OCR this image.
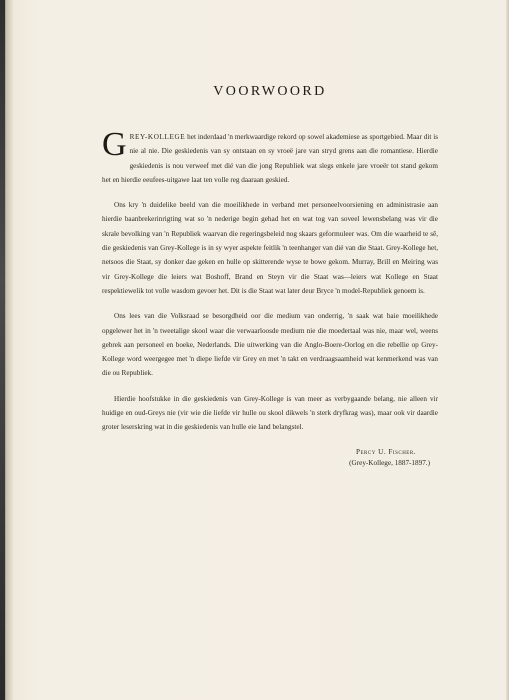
VOORWOORD

GREY-KOLLEGE het inderdaad 'n merkwaardige rekord op sowel akademiese as sportgebied. Maar dit is nie al nie. Die geskiedenis van sy ontstaan en sy vroeë jare van stryd grens aan die romantiese. Hierdie geskiedenis is nou verweef met dié van die jong Republiek wat slegs enkele jare vroeër tot stand gekom het en hierdie eeufees-uitgawe laat ten volle reg daaraan geskied.

Ons kry 'n duidelike beeld van die moeilikhede in verband met personeelvoorsiening en administrasie aan hierdie baanbrekerinrigting wat so 'n nederige begin gehad het en wat tog van soveel lewensbelang was vir die skrale bevolking van 'n Republiek waarvan die regeringsbeleid nog skaars geformuleer was. Om die waarheid te sê, die geskiedenis van Grey-Kollege is in sy wyer aspekte feitlik 'n teenhanger van dié van die Staat. Grey-Kollege het, netsoos die Staat, sy donker dae geken en hulle op skitterende wyse te bowe gekom. Murray, Brill en Meiring was vir Grey-Kollege die leiers wat Boshoff, Brand en Steyn vir die Staat was—leiers wat Kollege en Staat respektiewelik tot volle wasdom gevoer het. Dit is die Staat wat later deur Bryce 'n model-Republiek genoem is.

Ons lees van die Volksraad se besorgdheid oor die medium van onderrig, 'n saak wat baie moeilikhede opgelewer het in 'n tweetalige skool waar die verwaarloosde medium nie die moedertaal was nie, maar wel, weens gebrek aan personeel en boeke, Nederlands. Die uitwerking van die Anglo-Boere-Oorlog en die rebellie op Grey-Kollege word weergegee met 'n diepe liefde vir Grey en met 'n takt en verdraagsaamheid wat kenmerkend was van die ou Republiek.

Hierdie hoofstukke in die geskiedenis van Grey-Kollege is van meer as verbygaande belang, nie alleen vir huidige en oud-Greys nie (vir wie die liefde vir hulle ou skool dikwels 'n sterk dryfkrag was), maar ook vir daardie groter leserskring wat in die geskiedenis van hulle eie land belangstel.

Percy U. Fischer.
(Grey-Kollege, 1887-1897.)
